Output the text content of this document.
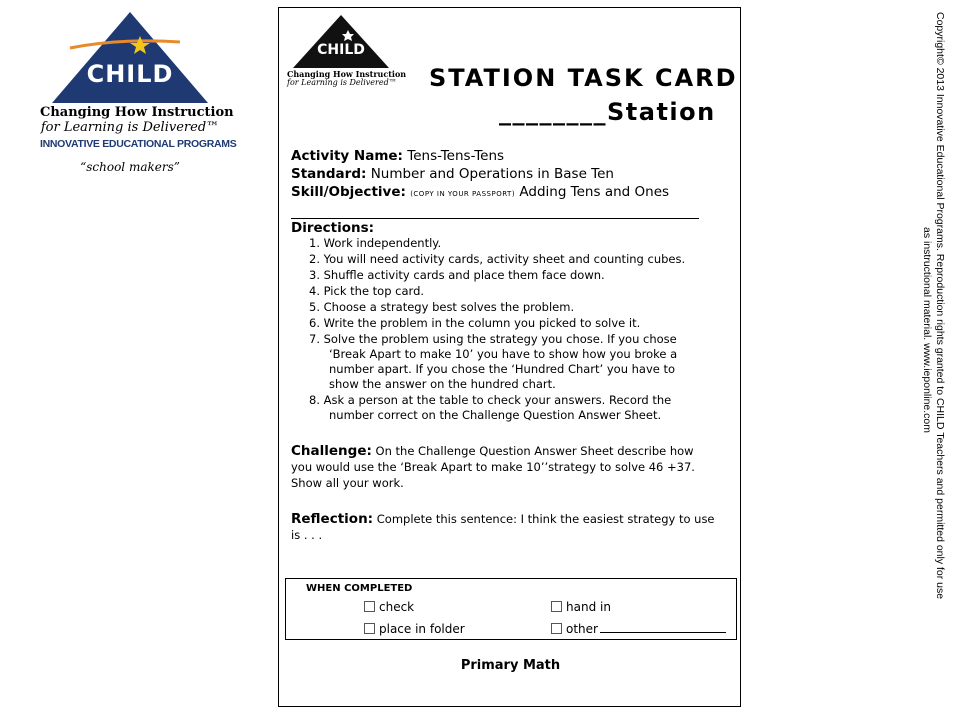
CHILD
Changing How Instruction
for Learning is Delivered™
INNOVATIVE EDUCATIONAL PROGRAMS
“school makers”
CHILD
Changing How Instruction
for Learning is Delivered™ STATION TASK CARD
________Station
Activity Name: Tens-Tens-Tens
Standard: Number and Operations in Base Ten
Skill/Objective: (COPY IN YOUR PASSPORT) Adding Tens and Ones
Directions:
1. Work independently.
2. You will need activity cards, activity sheet and counting cubes.
3. Shuffle activity cards and place them face down.
4. Pick the top card.
5. Choose a strategy best solves the problem.
6. Write the problem in the column you picked to solve it.
7. Solve the problem using the strategy you chose. If you chose
‘Break Apart to make 10’ you have to show how you broke a
number apart. If you chose the ‘Hundred Chart’ you have to
show the answer on the hundred chart.
8. Ask a person at the table to check your answers. Record the
number correct on the Challenge Question Answer Sheet.
Challenge: On the Challenge Question Answer Sheet describe how
you would use the ‘Break Apart to make 10’’strategy to solve 46 +37.
Show all your work.
Reflection: Complete this sentence: I think the easiest strategy to use
is . . .
WHEN COMPLETED
check	hand in
place in folder	other
Primary Math
Copyright© 2013 Innovative Educational Programs. Reproduction rights granted to CHILD Teachers and permitted only for use
as instructional material. www.ieponline.com
